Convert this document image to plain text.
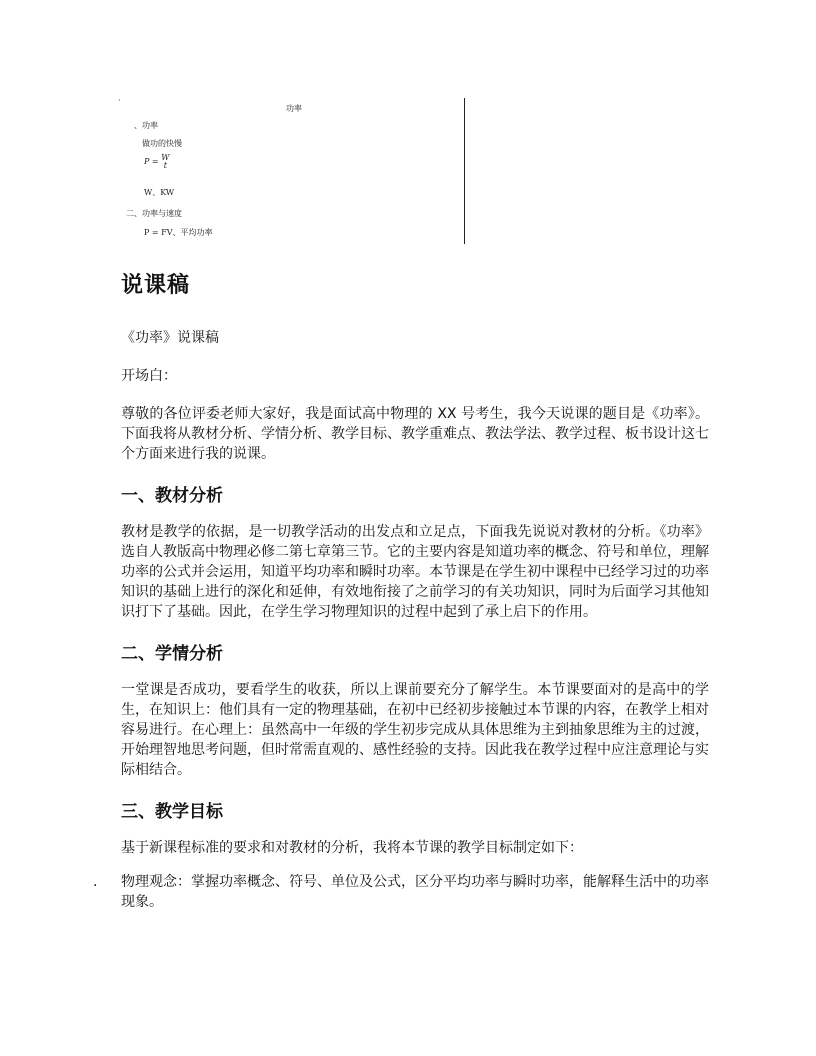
·
功率
、功率
做功的快慢
P = W
t
W、KW
二、功率与速度
P = FV、平均功率
说课稿

《功率》说课稿

开场白：

尊敬的各位评委老师大家好，我是面试高中物理的 XX 号考生，我今天说课的题目是《功率》。下面我将从教材分析、学情分析、教学目标、教学重难点、教法学法、教学过程、板书设计这七个方面来进行我的说课。

一、教材分析

教材是教学的依据，是一切教学活动的出发点和立足点，下面我先说说对教材的分析。《功率》选自人教版高中物理必修二第七章第三节。它的主要内容是知道功率的概念、符号和单位，理解功率的公式并会运用，知道平均功率和瞬时功率。本节课是在学生初中课程中已经学习过的功率知识的基础上进行的深化和延伸，有效地衔接了之前学习的有关功知识，同时为后面学习其他知识打下了基础。因此，在学生学习物理知识的过程中起到了承上启下的作用。

二、学情分析

一堂课是否成功，要看学生的收获，所以上课前要充分了解学生。本节课要面对的是高中的学生，在知识上：他们具有一定的物理基础，在初中已经初步接触过本节课的内容，在教学上相对容易进行。在心理上：虽然高中一年级的学生初步完成从具体思维为主到抽象思维为主的过渡，开始理智地思考问题，但时常需直观的、感性经验的支持。因此我在教学过程中应注意理论与实际相结合。

三、教学目标

基于新课程标准的要求和对教材的分析，我将本节课的教学目标制定如下：

. 物理观念：掌握功率概念、符号、单位及公式，区分平均功率与瞬时功率，能解释生活中的功率现象。
